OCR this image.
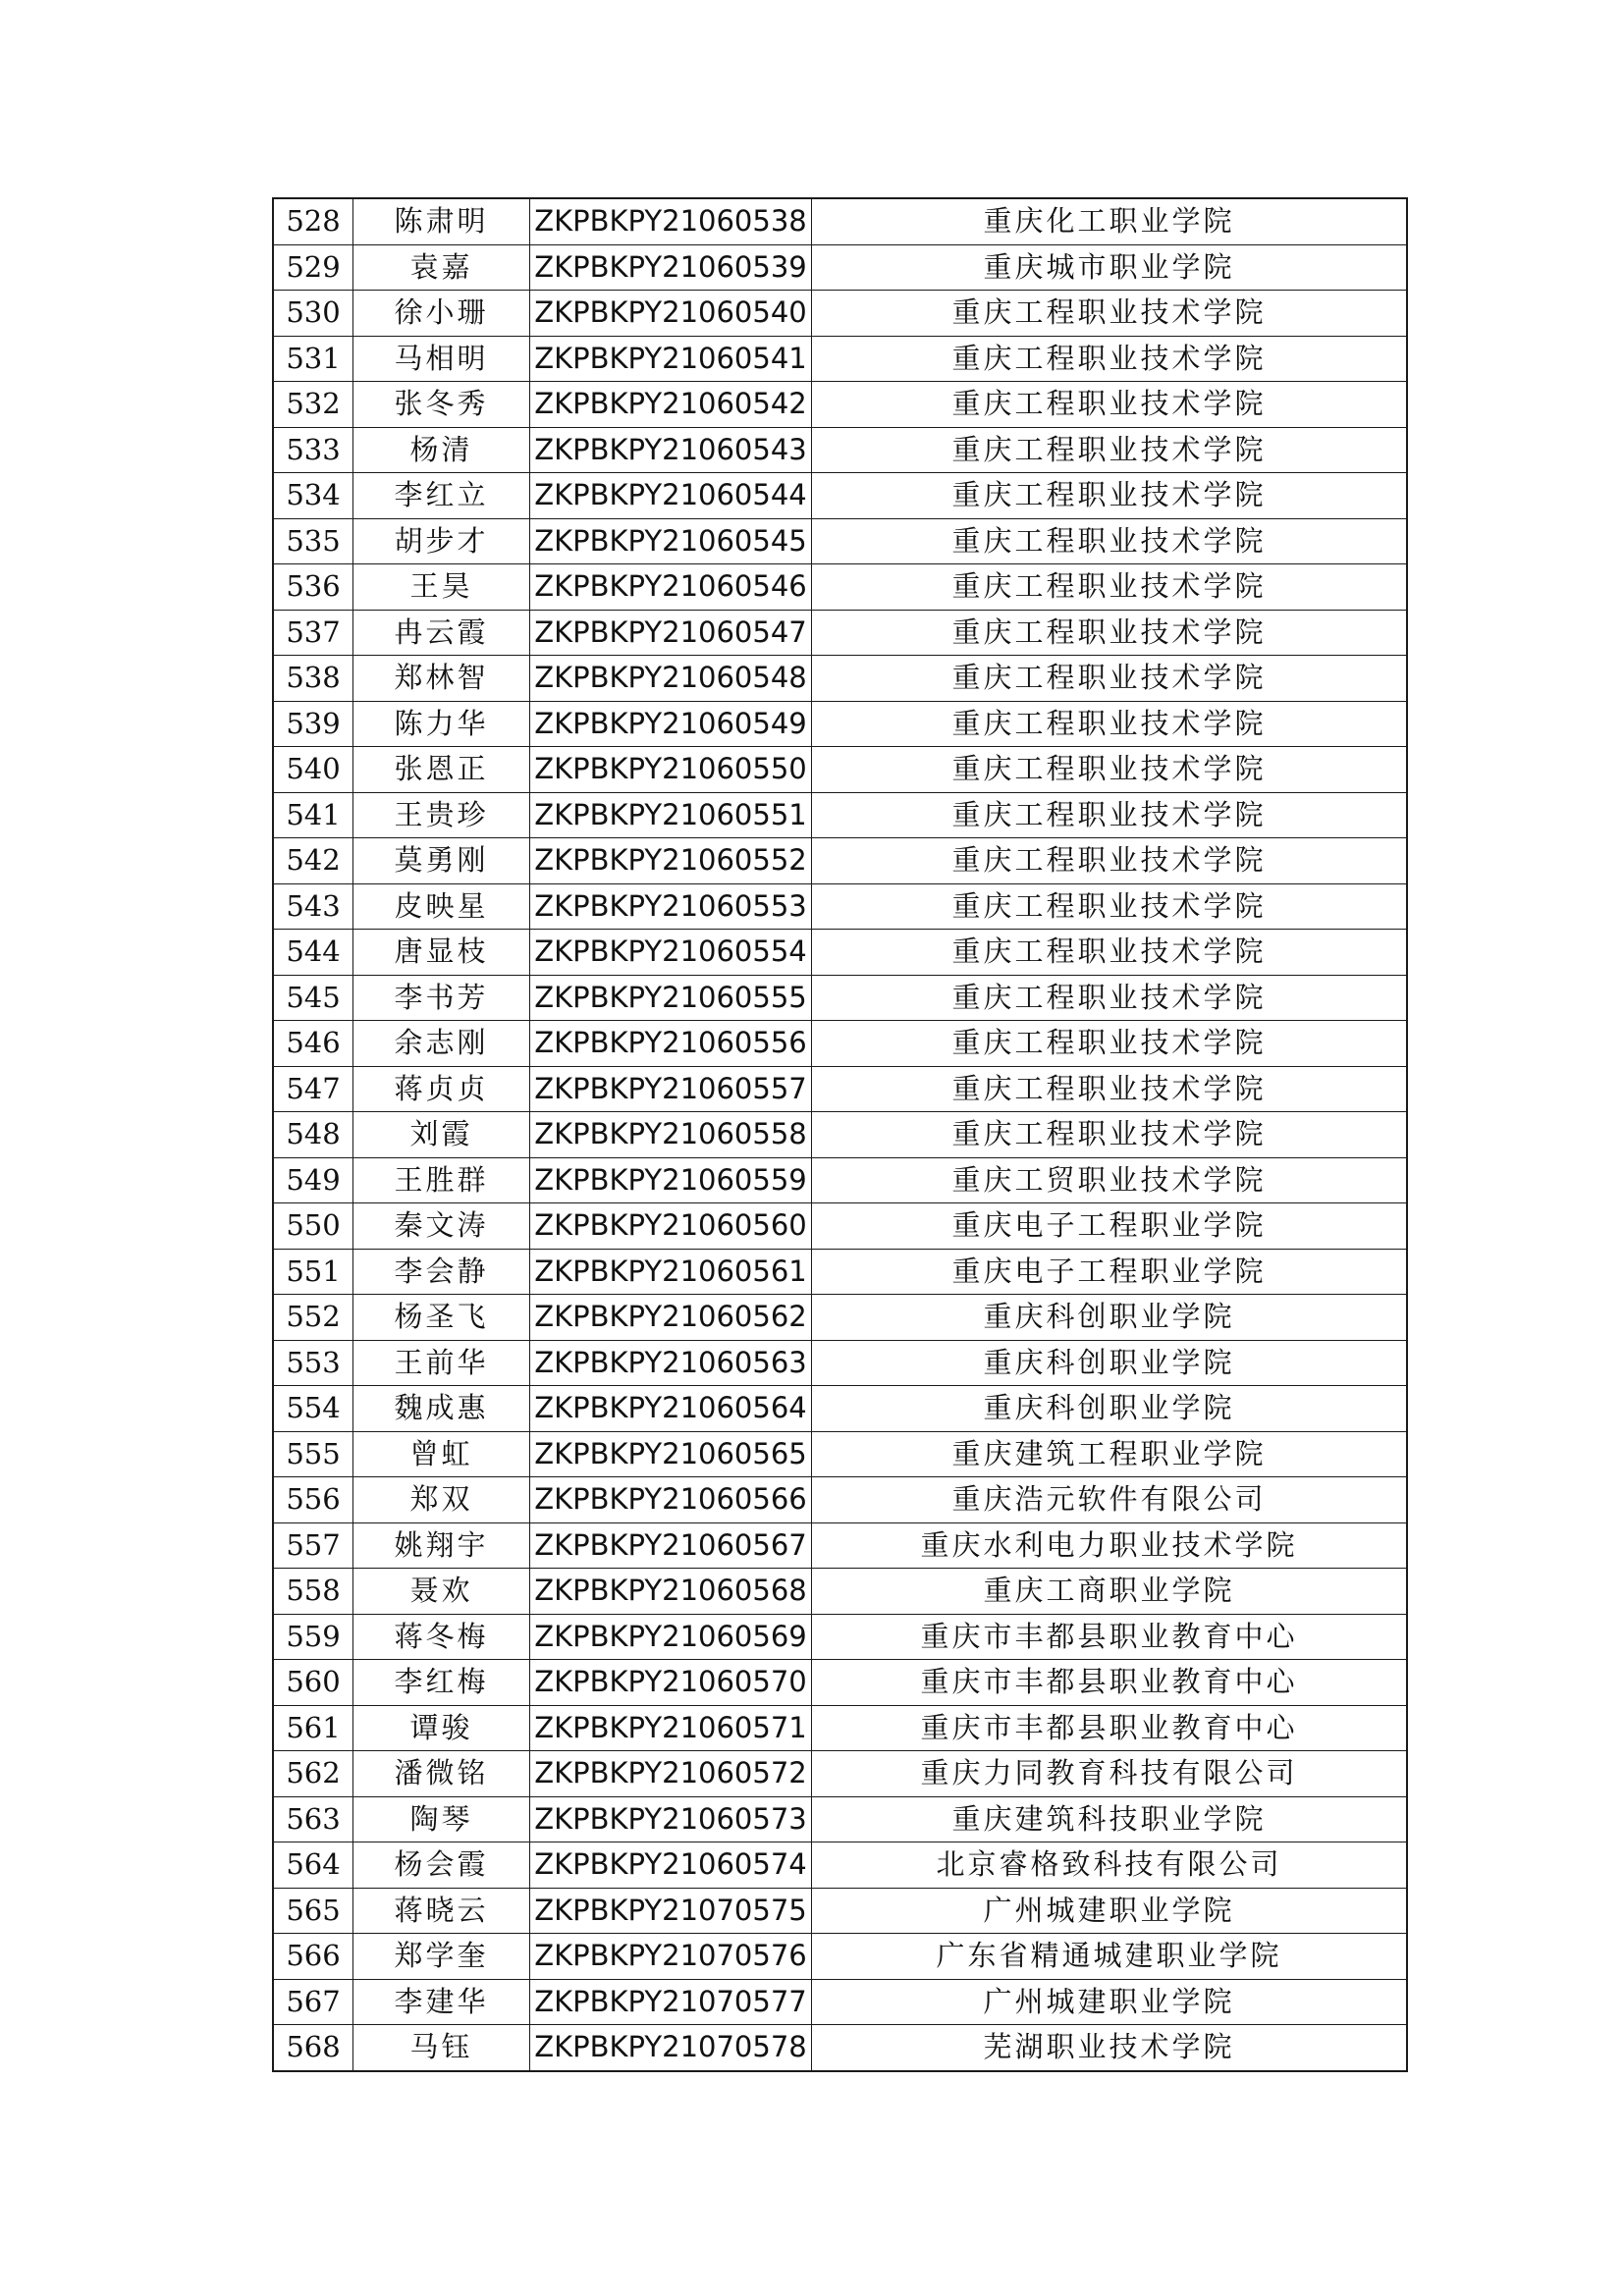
528	陈肃明	ZKPBKPY21060538	重庆化工职业学院
529	袁嘉	ZKPBKPY21060539	重庆城市职业学院
530	徐小珊	ZKPBKPY21060540	重庆工程职业技术学院
531	马相明	ZKPBKPY21060541	重庆工程职业技术学院
532	张冬秀	ZKPBKPY21060542	重庆工程职业技术学院
533	杨清	ZKPBKPY21060543	重庆工程职业技术学院
534	李红立	ZKPBKPY21060544	重庆工程职业技术学院
535	胡步才	ZKPBKPY21060545	重庆工程职业技术学院
536	王昊	ZKPBKPY21060546	重庆工程职业技术学院
537	冉云霞	ZKPBKPY21060547	重庆工程职业技术学院
538	郑林智	ZKPBKPY21060548	重庆工程职业技术学院
539	陈力华	ZKPBKPY21060549	重庆工程职业技术学院
540	张恩正	ZKPBKPY21060550	重庆工程职业技术学院
541	王贵珍	ZKPBKPY21060551	重庆工程职业技术学院
542	莫勇刚	ZKPBKPY21060552	重庆工程职业技术学院
543	皮映星	ZKPBKPY21060553	重庆工程职业技术学院
544	唐显枝	ZKPBKPY21060554	重庆工程职业技术学院
545	李书芳	ZKPBKPY21060555	重庆工程职业技术学院
546	余志刚	ZKPBKPY21060556	重庆工程职业技术学院
547	蒋贞贞	ZKPBKPY21060557	重庆工程职业技术学院
548	刘霞	ZKPBKPY21060558	重庆工程职业技术学院
549	王胜群	ZKPBKPY21060559	重庆工贸职业技术学院
550	秦文涛	ZKPBKPY21060560	重庆电子工程职业学院
551	李会静	ZKPBKPY21060561	重庆电子工程职业学院
552	杨圣飞	ZKPBKPY21060562	重庆科创职业学院
553	王前华	ZKPBKPY21060563	重庆科创职业学院
554	魏成惠	ZKPBKPY21060564	重庆科创职业学院
555	曾虹	ZKPBKPY21060565	重庆建筑工程职业学院
556	郑双	ZKPBKPY21060566	重庆浩元软件有限公司
557	姚翔宇	ZKPBKPY21060567	重庆水利电力职业技术学院
558	聂欢	ZKPBKPY21060568	重庆工商职业学院
559	蒋冬梅	ZKPBKPY21060569	重庆市丰都县职业教育中心
560	李红梅	ZKPBKPY21060570	重庆市丰都县职业教育中心
561	谭骏	ZKPBKPY21060571	重庆市丰都县职业教育中心
562	潘微铭	ZKPBKPY21060572	重庆力同教育科技有限公司
563	陶琴	ZKPBKPY21060573	重庆建筑科技职业学院
564	杨会霞	ZKPBKPY21060574	北京睿格致科技有限公司
565	蒋晓云	ZKPBKPY21070575	广州城建职业学院
566	郑学奎	ZKPBKPY21070576	广东省精通城建职业学院
567	李建华	ZKPBKPY21070577	广州城建职业学院
568	马钰	ZKPBKPY21070578	芜湖职业技术学院
